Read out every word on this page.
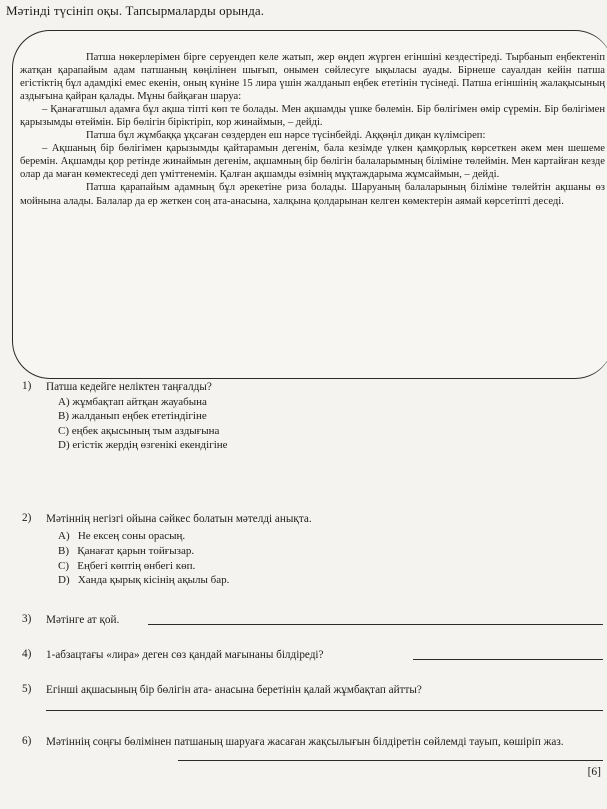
Мәтінді түсініп оқы. Тапсырмаларды орында.

Патша нөкерлерімен бірге серуендеп келе жатып, жер өңдеп жүрген егіншіні кездестіреді. Тырбанып еңбектеніп жатқан қарапайым адам патшаның көңілінен шығып, онымен сөйлесуге ықыласы ауады. Бірнеше сауалдан кейін патша егістіктің бұл адамдікі емес екенін, оның күніне 15 лира үшін жалданып еңбек ететінін түсінеді. Патша егіншінің жалақысының аздығына қайран қалады. Мұны байқаған шаруа:

– Қанағатшыл адамға бұл ақша тіпті көп те болады. Мен ақшамды үшке бөлемін. Бір бөлігімен өмір сүремін. Бір бөлігімен қарызымды өтеймін. Бір бөлігін біріктіріп, кор жинаймын, – дейді.

Патша бұл жұмбаққа ұқсаған сөздерден еш нәрсе түсінбейді. Аққөңіл диқан күлімсіреп:

– Ақшаның бір бөлігімен қарызымды қайтарамын дегенім, бала кезімде үлкен қамқорлық көрсеткен әкем мен шешеме беремін. Ақшамды қор ретінде жинаймын дегенім, ақшамның бір бөлігін балаларымның біліміне төлеймін. Мен картайған кезде олар да маған көмектеседі деп үміттенемін. Қалған ақшамды өзімнің мұқтаждарыма жұмсаймын, – дейді.

Патша қарапайым адамның бұл әрекетіне риза болады. Шаруаның балаларының біліміне төлейтін ақшаны өз мойнына алады. Балалар да ер жеткен соң ата-анасына, халқына қолдарынан келген көмектерін аямай көрсетіпті деседі.

1) Патша кедейге неліктен таңғалды?
A) жұмбақтап айтқан жауабына
B) жалданып еңбек ететіндігіне
C) еңбек ақысының тым аздығына
D) егістік жердің өзгенікі екендігіне
2) Мәтіннің негізгі ойына сәйкес болатын мәтелді анықта.
A)   Не ексең соны орасың.
B)   Қанағат қарын тойғызар.
C)   Еңбегі көптің өнбегі көп.
D)   Ханда қырық кісінің ақылы бар.
3) Мәтінге ат қой.
4) 1-абзацтағы «лира» деген сөз қандай мағынаны білдіреді?
5) Егінші ақшасының бір бөлігін ата- анасына беретінін қалай жұмбақтап айтты?
6) Мәтіннің соңғы бөлімінен патшаның шаруаға жасаған жақсылығын білдіретін сөйлемді тауып, көшіріп жаз.
[6]
